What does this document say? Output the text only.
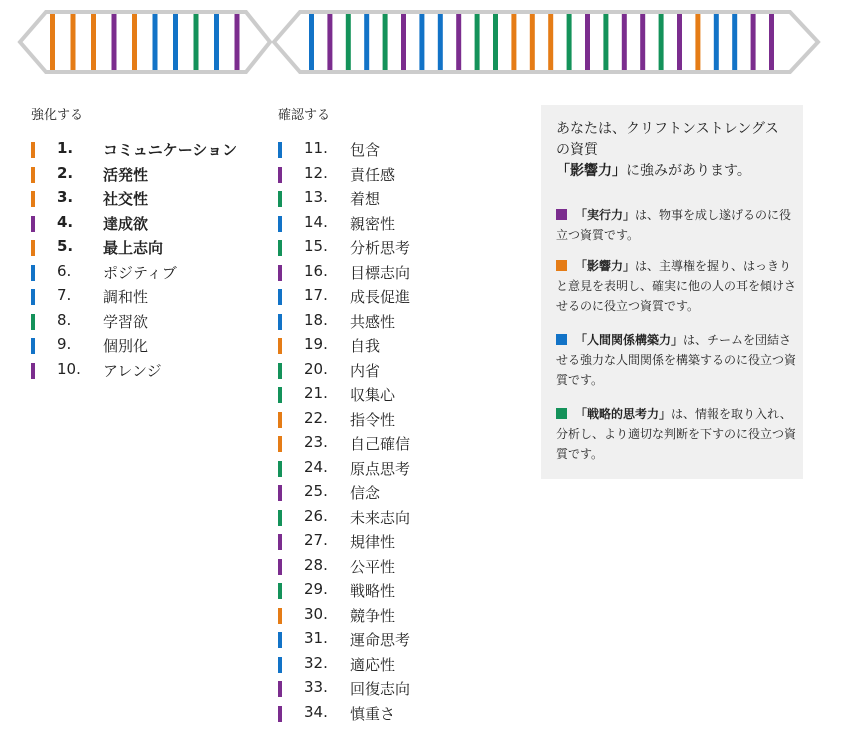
強化する
1. コミュニケーション
2. 活発性
3. 社交性
4. 達成欲
5. 最上志向
6. ポジティブ
7. 調和性
8. 学習欲
9. 個別化
10. アレンジ
確認する
11. 包含
12. 責任感
13. 着想
14. 親密性
15. 分析思考
16. 目標志向
17. 成長促進
18. 共感性
19. 自我
20. 内省
21. 収集心
22. 指令性
23. 自己確信
24. 原点思考
25. 信念
26. 未来志向
27. 規律性
28. 公平性
29. 戦略性
30. 競争性
31. 運命思考
32. 適応性
33. 回復志向
34. 慎重さ
あなたは、クリフトンストレングス
の資質
「影響力」に強みがあります。
「実行力」は、物事を成し遂げるのに役立つ資質です。
「影響力」は、主導権を握り、はっきりと意見を表明し、確実に他の人の耳を傾けさせるのに役立つ資質です。
「人間関係構築力」は、チームを団結させる強力な人間関係を構築するのに役立つ資質です。
「戦略的思考力」は、情報を取り入れ、分析し、より適切な判断を下すのに役立つ資質です。
